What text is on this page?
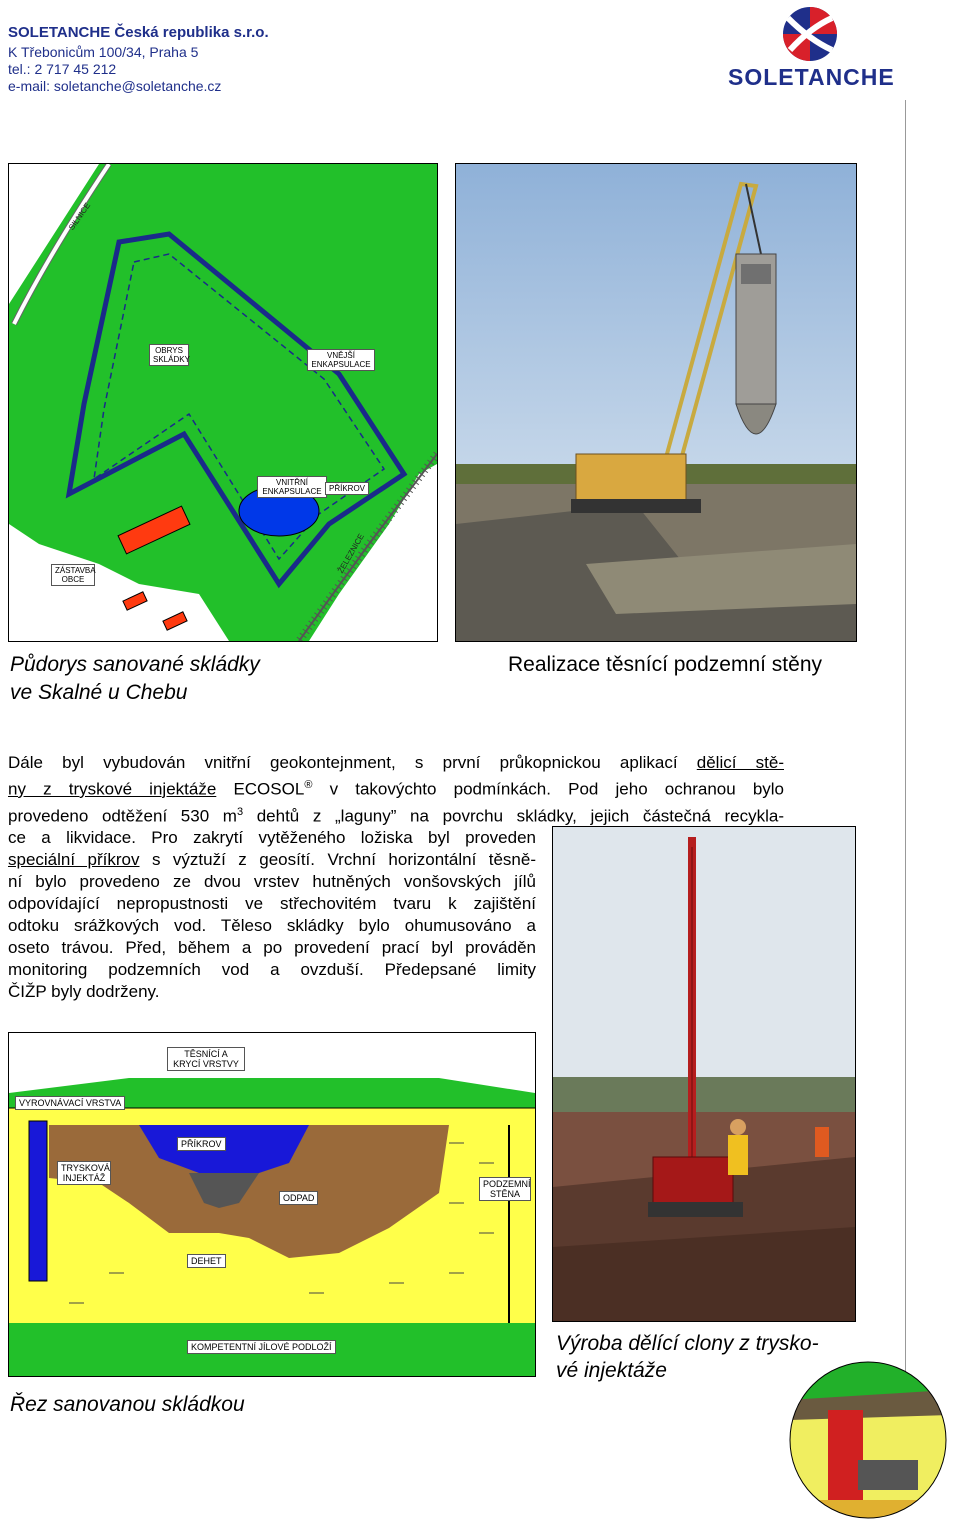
SOLETANCHE Česká republika s.r.o.
K Třebonicům 100/34, Praha 5
tel.: 2 717 45 212
e-mail: soletanche@soletanche.cz	SOLETANCHE
SILNICE
OBRYS SKLÁDKY	VNĚJŠÍ ENKAPSULACE
VNITŘNÍ ENKAPSULACE PŘÍKROV
ZÁSTAVBA OBCE
ŽELEZNICE
Půdorys sanované skládky
ve Skalné u Chebu
Realizace těsnící podzemní stěny
Dále byl vybudován vnitřní geokontejnment, s první průkopnickou aplikací dělicí stě-
ny z tryskové injektáže ECOSOL® v takovýchto podmínkách. Pod jeho ochranou bylo
provedeno odtěžení 530 $m^3$ dehtů z „laguny” na povrchu skládky, jejich částečná recykla-
ce a likvidace. Pro zakrytí vytěženého ložiska byl proveden
speciální příkrov s výztuží z geosítí. Vrchní horizontální těsně-
ní bylo provedeno ze dvou vrstev hutněných vonšovských jílů
odpovídající nepropustnosti ve střechovitém tvaru k zajištění
odtoku srážkových vod. Těleso skládky bylo ohumusováno a
oseto trávou. Před, během a po provedení prací byl prováděn
monitoring podzemních vod a ovzduší. Předepsané limity
ČIŽP byly dodrženy.
TĚSNÍCÍ A KRYCÍ VRSTVY
VYROVNÁVACÍ VRSTVA
PŘÍKROV
TRYSKOVÁ INJEKTÁŽ
ODPAD
PODZEMNÍ STĚNA
DEHET
KOMPETENTNÍ JÍLOVÉ PODLOŽÍ	Výroba dělící clony z trysko-
vé injektáže
Řez sanovanou skládkou
